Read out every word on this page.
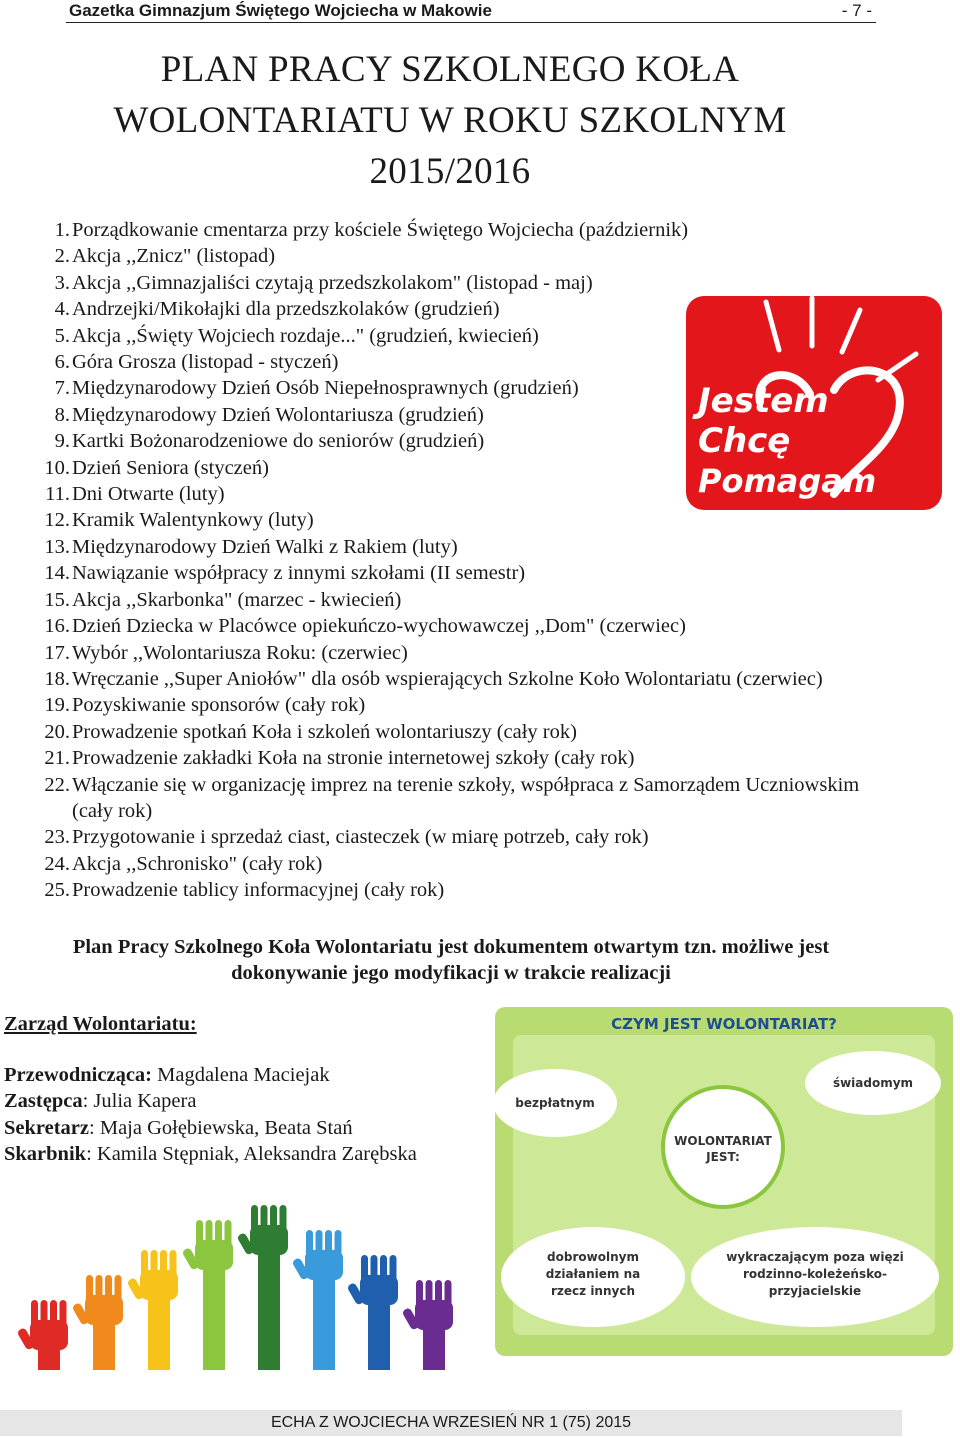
Gazetka Gimnazjum Świętego Wojciecha w Makowie	- 7 -
PLAN PRACY SZKOLNEGO KOŁA
WOLONTARIATU W ROKU SZKOLNYM
2015/2016
1. Porządkowanie cmentarza przy kościele Świętego Wojciecha (październik)
2. Akcja ,,Znicz" (listopad)
3. Akcja ,,Gimnazjaliści czytają przedszkolakom" (listopad - maj)
4. Andrzejki/Mikołajki dla przedszkolaków (grudzień)
5. Akcja ,,Święty Wojciech rozdaje..." (grudzień, kwiecień)
6. Góra Grosza (listopad - styczeń)
7. Międzynarodowy Dzień Osób Niepełnosprawnych (grudzień)
8. Międzynarodowy Dzień Wolontariusza (grudzień)
9. Kartki Bożonarodzeniowe do seniorów (grudzień)
10. Dzień Seniora (styczeń)
11. Dni Otwarte (luty)
12. Kramik Walentynkowy (luty)
13. Międzynarodowy Dzień Walki z Rakiem (luty)
14. Nawiązanie współpracy z innymi szkołami (II semestr)
15. Akcja ,,Skarbonka" (marzec - kwiecień)
16. Dzień Dziecka w Placówce opiekuńczo-wychowawczej ,,Dom" (czerwiec)
17. Wybór ,,Wolontariusza Roku: (czerwiec)
18. Wręczanie ,,Super Aniołów" dla osób wspierających Szkolne Koło Wolontariatu (czerwiec)
19. Pozyskiwanie sponsorów (cały rok)
20. Prowadzenie spotkań Koła i szkoleń wolontariuszy (cały rok)
21. Prowadzenie zakładki Koła na stronie internetowej szkoły (cały rok)
22. Włączanie się w organizację imprez na terenie szkoły, współpraca z Samorządem Uczniowskim (cały rok)
23. Przygotowanie i sprzedaż ciast, ciasteczek (w miarę potrzeb, cały rok)
24. Akcja ,,Schronisko" (cały rok)
25. Prowadzenie tablicy informacyjnej (cały rok)
Plan Pracy Szkolnego Koła Wolontariatu jest dokumentem otwartym tzn. możliwe jest
dokonywanie jego modyfikacji w trakcie realizacji
Zarząd Wolontariatu:
Przewodnicząca: Magdalena Maciejak
Zastępca: Julia Kapera
Sekretarz: Maja Gołębiewska, Beata Stań
Skarbnik: Kamila Stępniak, Aleksandra Zarębska
Jestem
Chcę
Pomagam
CZYM JEST WOLONTARIAT?
świadomym
bezpłatnym
WOLONTARIAT
JEST:
dobrowolnym
działaniem na
rzecz innych
wykraczającym poza więzi
rodzinno-koleżeńsko-
przyjacielskie
ECHA Z WOJCIECHA WRZESIEŃ NR 1 (75) 2015
